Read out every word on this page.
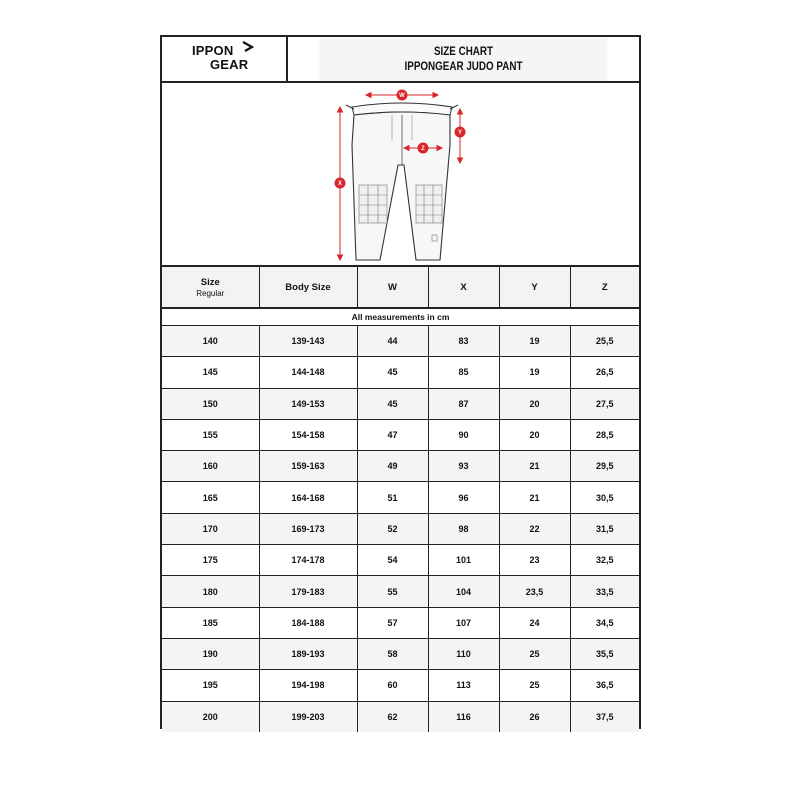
IPPON
GEAR
SIZE CHART
IPPONGEAR JUDO PANT
W
X
Y
Z
Size
Regular	Body Size	W	X	Y	Z
All measurements in cm					
140	139-143	44	83	19	25,5
145	144-148	45	85	19	26,5
150	149-153	45	87	20	27,5
155	154-158	47	90	20	28,5
160	159-163	49	93	21	29,5
165	164-168	51	96	21	30,5
170	169-173	52	98	22	31,5
175	174-178	54	101	23	32,5
180	179-183	55	104	23,5	33,5
185	184-188	57	107	24	34,5
190	189-193	58	110	25	35,5
195	194-198	60	113	25	36,5
200	199-203	62	116	26	37,5
